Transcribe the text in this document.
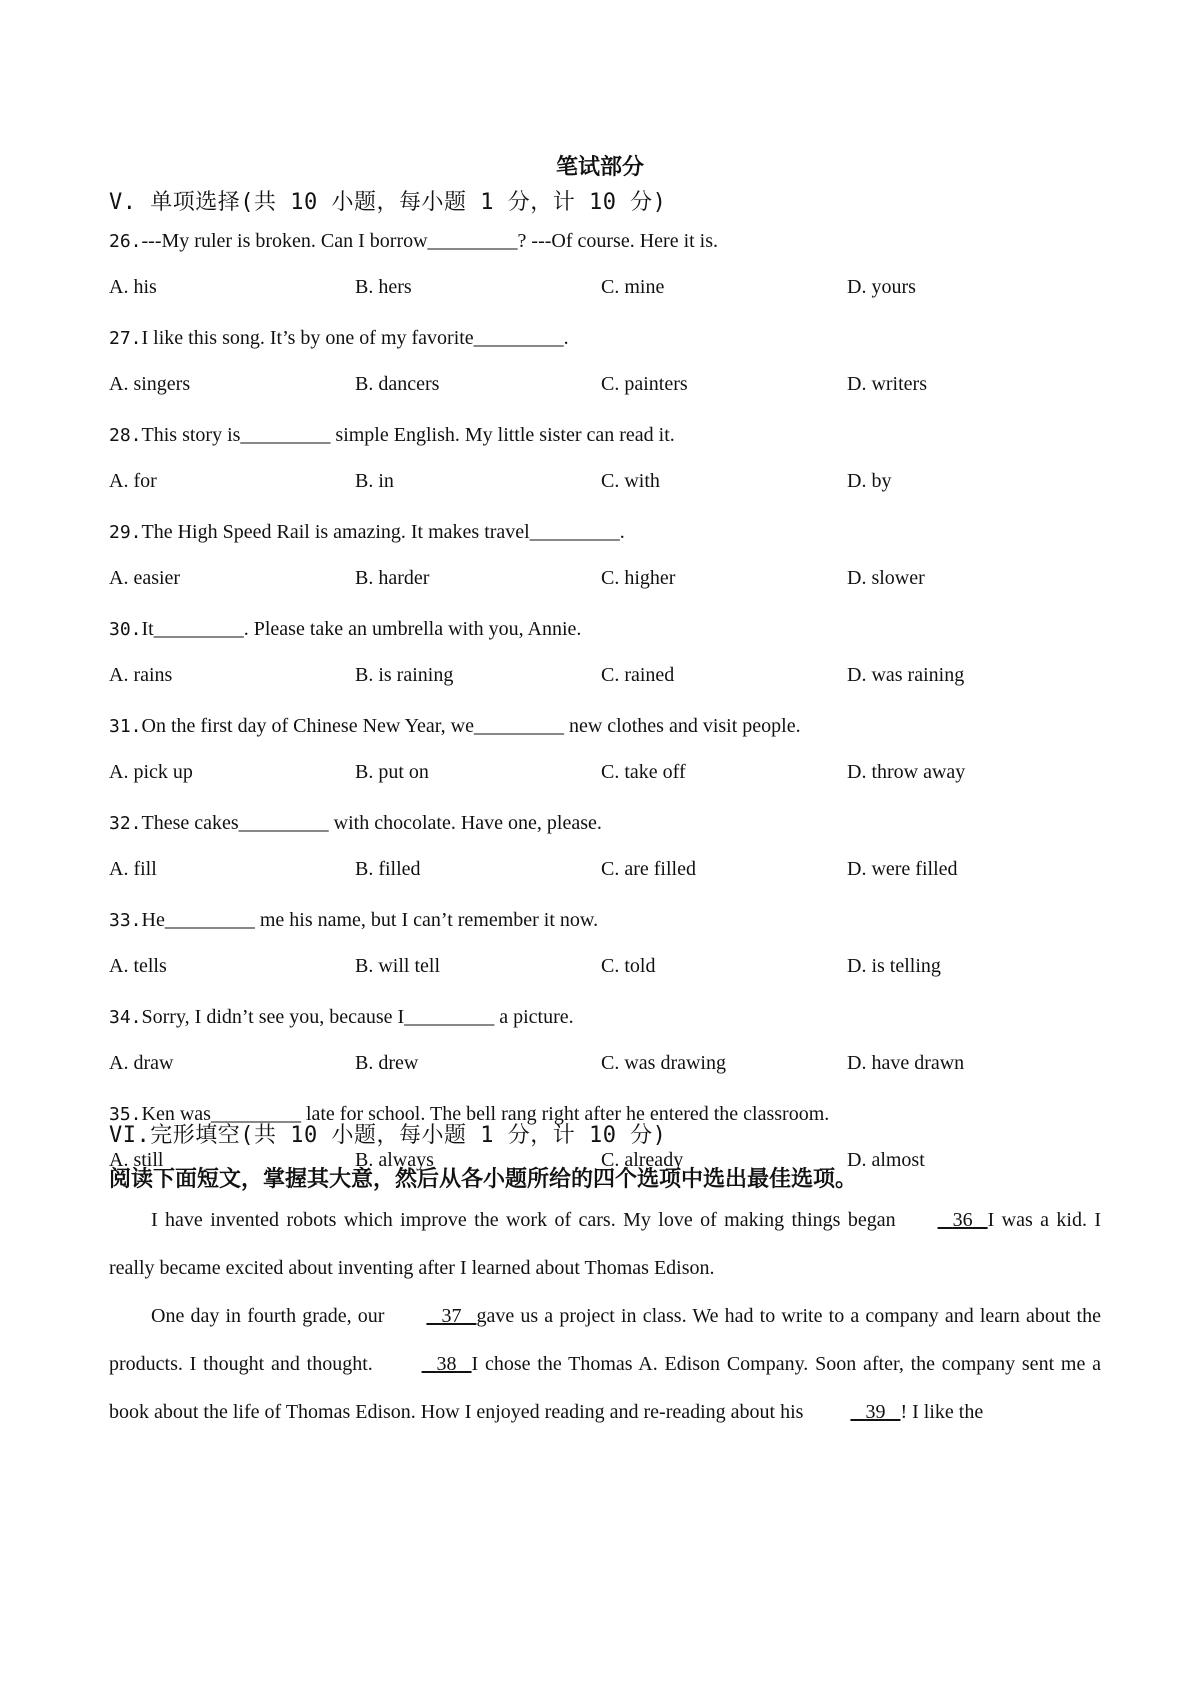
笔试部分
V. 单项选择(共 10 小题，每小题 1 分，计 10 分)
26.---My ruler is broken. Can I borrow_________? ---Of course. Here it is.
A. his	B. hers	C. mine	D. yours
27.I like this song. It’s by one of my favorite_________.
A. singers	B. dancers	C. painters	D. writers
28.This story is_________ simple English. My little sister can read it.
A. for	B. in	C. with	D. by
29.The High Speed Rail is amazing. It makes travel_________.
A. easier	B. harder	C. higher	D. slower
30.It_________. Please take an umbrella with you, Annie.
A. rains	B. is raining	C. rained	D. was raining
31.On the first day of Chinese New Year, we_________ new clothes and visit people.
A. pick up	B. put on	C. take off	D. throw away
32.These cakes_________ with chocolate. Have one, please.
A. fill	B. filled	C. are filled	D. were filled
33.He_________ me his name, but I can’t remember it now.
A. tells	B. will tell	C. told	D. is telling
34.Sorry, I didn’t see you, because I_________ a picture.
A. draw	B. drew	C. was drawing	D. have drawn
35.Ken was_________ late for school. The bell rang right after he entered the classroom.
A. still	B. always	C. already	D. almost
VI.完形填空(共 10 小题，每小题 1 分，计 10 分)
阅读下面短文，掌握其大意，然后从各小题所给的四个选项中选出最佳选项。
I have invented robots which improve the work of cars. My love of making things began	36 I was a kid. I really became excited about inventing after I learned about Thomas Edison.
One day in fourth grade, our	37 gave us a project in class. We had to write to a company and learn about the products. I thought and thought.	38 I chose the Thomas A. Edison Company. Soon after, the company sent me a book about the life of Thomas Edison. How I enjoyed reading and re-reading about his	39 ! I like the
